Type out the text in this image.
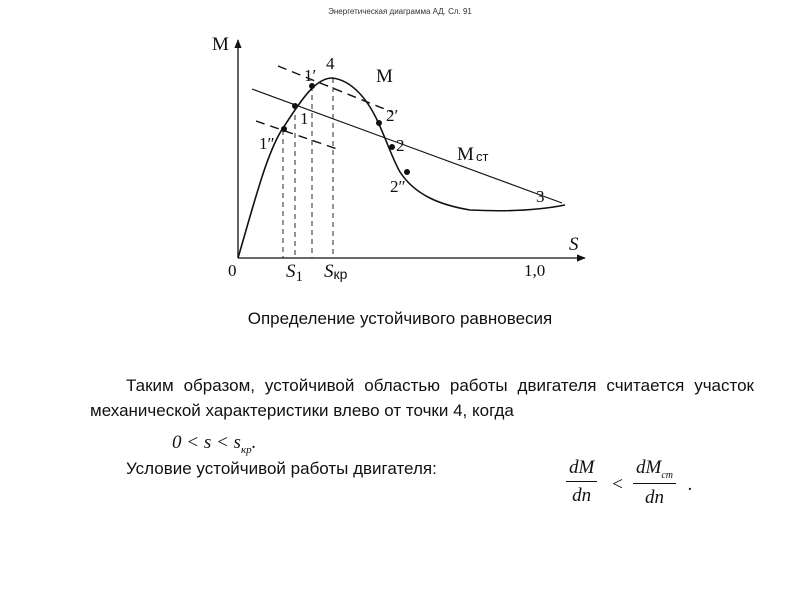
Энергетическая диаграмма АД. Сл. 91
M
S
0	1,0
M
M ст
4
1′
1
1″
2′
2
2″
3
$S_1$ Sкр
Определение устойчивого равновесия

Таким образом, устойчивой областью работы двигателя считается участок механической характеристики влево от точки 4, когда

$0 < s < s_{кр}$.
Условие устойчивой работы двигателя:	dM
dn
<
$dM_{ст}$
dn
.
